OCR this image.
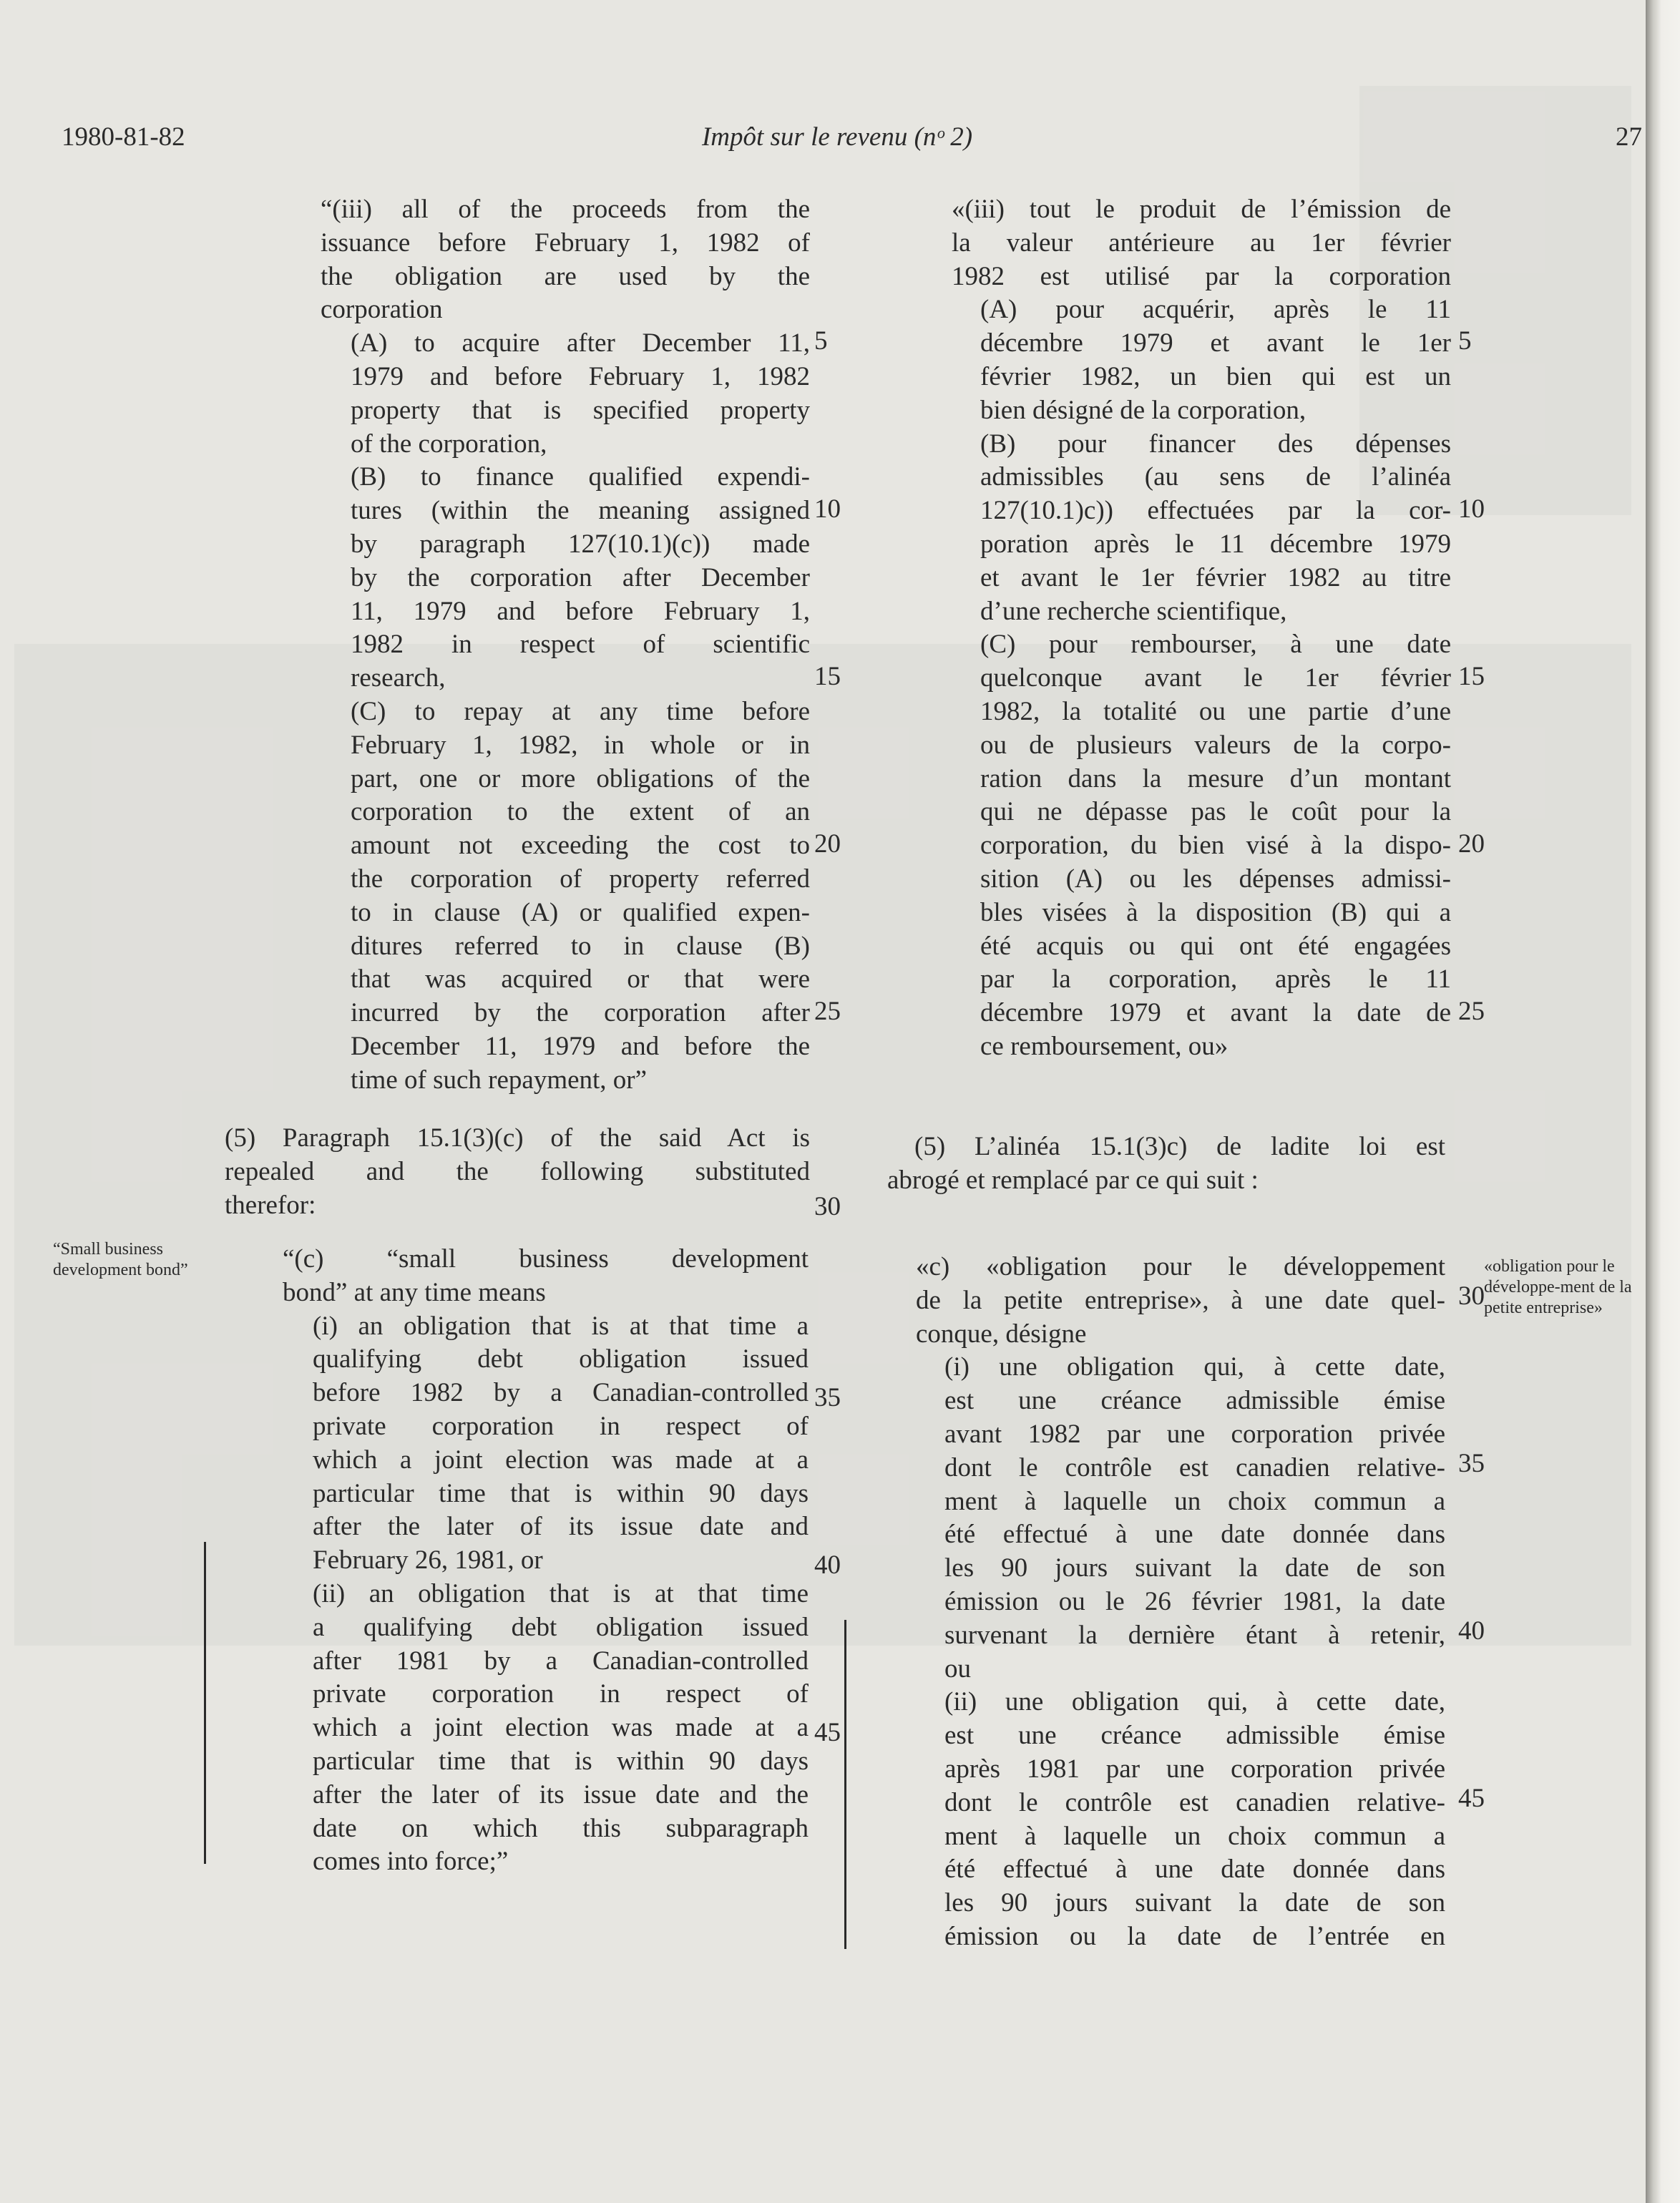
1980-81-82	Impôt sur le revenu (nᵒ 2)	27
“(iii) all of the proceeds from the
issuance before February 1, 1982 of
the obligation are used by the
corporation
(A) to acquire after December 11,
1979 and before February 1, 1982
property that is specified property
of the corporation,
(B) to finance qualified expendi-
tures (within the meaning assigned
by paragraph 127(10.1)(c)) made
by the corporation after December
11, 1979 and before February 1,
1982 in respect of scientific
research,
(C) to repay at any time before
February 1, 1982, in whole or in
part, one or more obligations of the
corporation to the extent of an
amount not exceeding the cost to
the corporation of property referred
to in clause (A) or qualified expen-
ditures referred to in clause (B)
that was acquired or that were
incurred by the corporation after
December 11, 1979 and before the
time of such repayment, or”
«(iii) tout le produit de l’émission de
la valeur antérieure au 1er février
1982 est utilisé par la corporation
(A) pour acquérir, après le 11
décembre 1979 et avant le 1er
février 1982, un bien qui est un
bien désigné de la corporation,
(B) pour financer des dépenses
admissibles (au sens de l’alinéa
127(10.1)c)) effectuées par la cor-
poration après le 11 décembre 1979
et avant le 1er février 1982 au titre
d’une recherche scientifique,
(C) pour rembourser, à une date
quelconque avant le 1er février
1982, la totalité ou une partie d’une
ou de plusieurs valeurs de la corpo-
ration dans la mesure d’un montant
qui ne dépasse pas le coût pour la
corporation, du bien visé à la dispo-
sition (A) ou les dépenses admissi-
bles visées à la disposition (B) qui a
été acquis ou qui ont été engagées
par la corporation, après le 11
décembre 1979 et avant la date de
ce remboursement, ou»
5
10
15
20
25
5
10
15
20
25
(5) Paragraph 15.1(3)(c) of the said Act is
repealed and the following substituted
therefor:	30
(5) L’alinéa 15.1(3)c) de ladite loi est
abrogé et remplacé par ce qui suit :
“Small business development bond”	«obligation pour le développe-ment de la petite entreprise»
“(c) “small business development
bond” at any time means
(i) an obligation that is at that time a
qualifying debt obligation issued
before 1982 by a Canadian-controlled
private corporation in respect of
which a joint election was made at a
particular time that is within 90 days
after the later of its issue date and
February 26, 1981, or
(ii) an obligation that is at that time
a qualifying debt obligation issued
after 1981 by a Canadian-controlled
private corporation in respect of
which a joint election was made at a
particular time that is within 90 days
after the later of its issue date and the
date on which this subparagraph
comes into force;”
«c) «obligation pour le développement
de la petite entreprise», à une date quel-
conque, désigne
(i) une obligation qui, à cette date,
est une créance admissible émise
avant 1982 par une corporation privée
dont le contrôle est canadien relative-
ment à laquelle un choix commun a
été effectué à une date donnée dans
les 90 jours suivant la date de son
émission ou le 26 février 1981, la date
survenant la dernière étant à retenir,
ou
(ii) une obligation qui, à cette date,
est une créance admissible émise
après 1981 par une corporation privée
dont le contrôle est canadien relative-
ment à laquelle un choix commun a
été effectué à une date donnée dans
les 90 jours suivant la date de son
émission ou la date de l’entrée en
35
40
45
30
35
40
45
